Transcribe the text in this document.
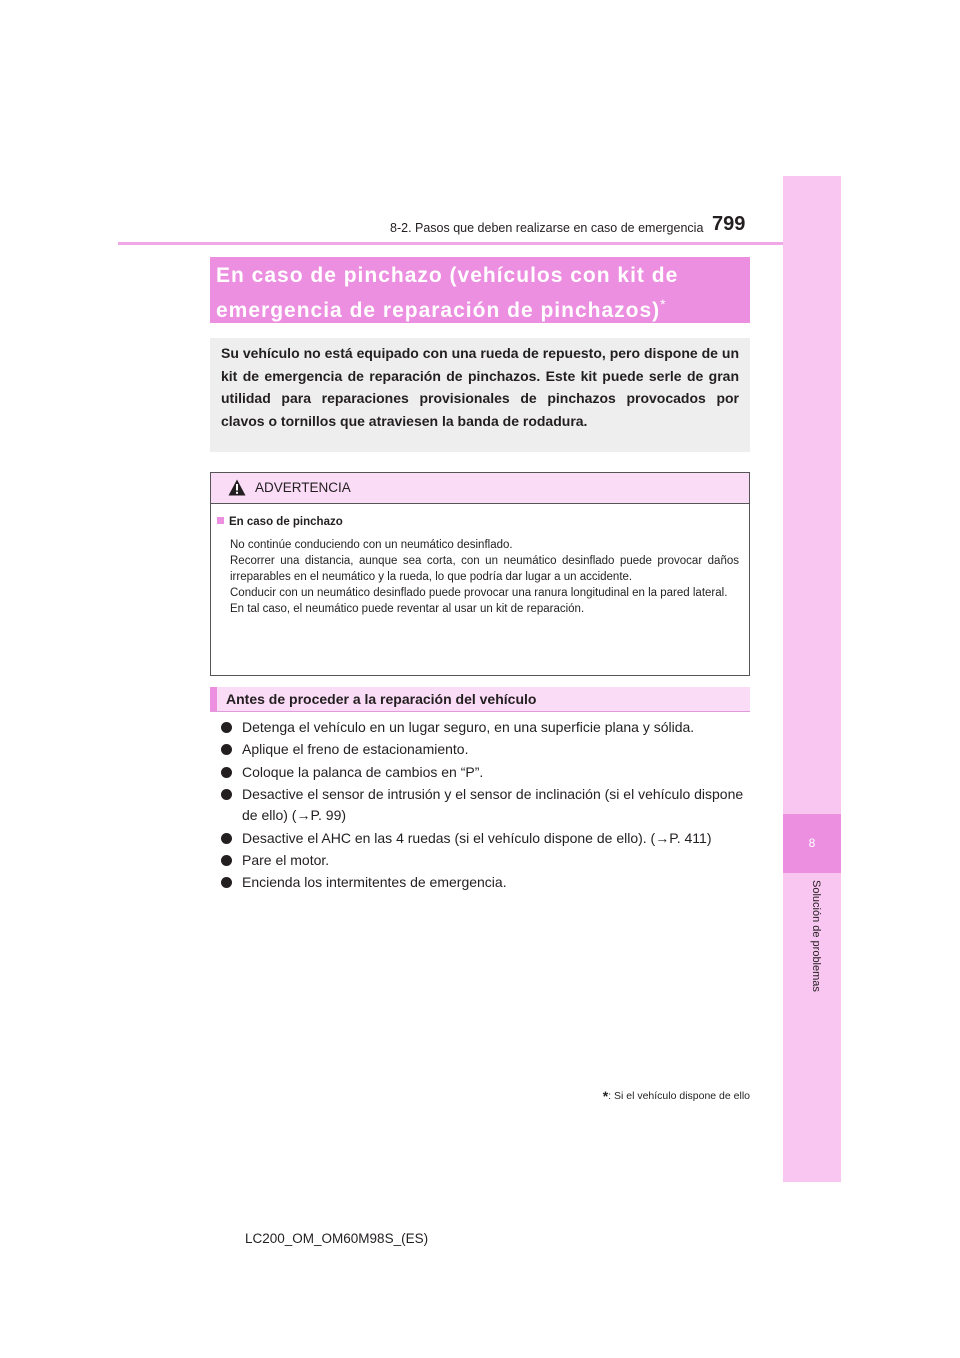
8
Solución de problemas
799
8-2. Pasos que deben realizarse en caso de emergencia
En caso de pinchazo (vehículos con kit de emergencia de reparación de pinchazos)*

Su vehículo no está equipado con una rueda de repuesto, pero dispone de un kit de emergencia de reparación de pinchazos. Este kit puede serle de gran utilidad para reparaciones provisionales de pinchazos provocados por clavos o tornillos que atraviesen la banda de rodadura.

ADVERTENCIA
En caso de pinchazo

No continúe conduciendo con un neumático desinflado.

Recorrer una distancia, aunque sea corta, con un neumático desinflado puede provocar daños irreparables en el neumático y la rueda, lo que podría dar lugar a un accidente.

Conducir con un neumático desinflado puede provocar una ranura longitudinal en la pared lateral.

En tal caso, el neumático puede reventar al usar un kit de reparación.

Antes de proceder a la reparación del vehículo
Detenga el vehículo en un lugar seguro, en una superficie plana y sólida.
Aplique el freno de estacionamiento.
Coloque la palanca de cambios en “P”.
Desactive el sensor de intrusión y el sensor de inclinación (si el vehículo dispone de ello) (→P. 99)
Desactive el AHC en las 4 ruedas (si el vehículo dispone de ello). (→P. 411)
Pare el motor.
Encienda los intermitentes de emergencia.
*: Si el vehículo dispone de ello
LC200_OM_OM60M98S_(ES)
